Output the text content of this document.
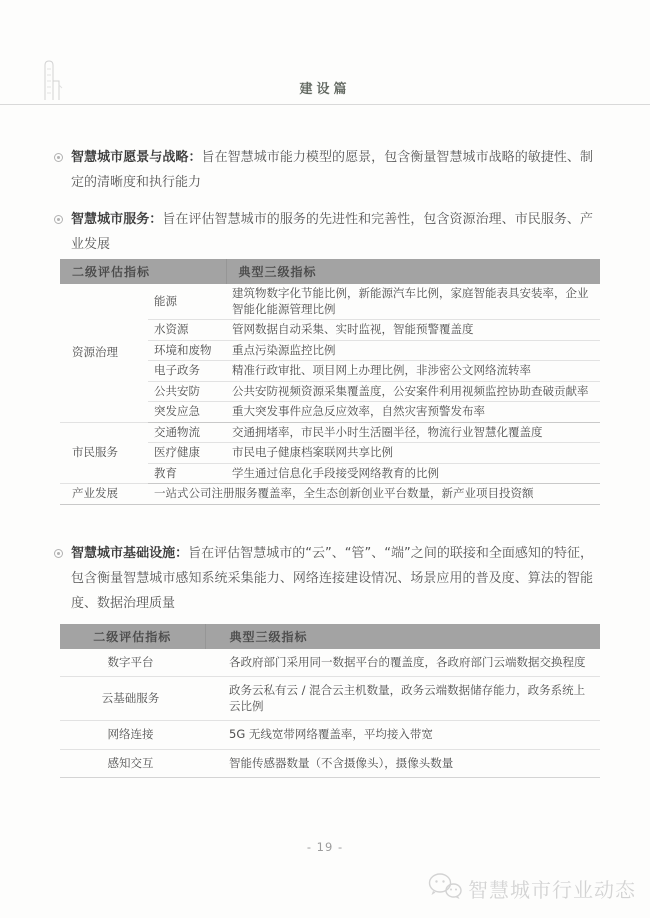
建设篇

智慧城市愿景与战略：旨在智慧城市能力模型的愿景，包含衡量智慧城市战略的敏捷性、制定的清晰度和执行能力

智慧城市服务：旨在评估智慧城市的服务的先进性和完善性，包含资源治理、市民服务、产业发展

二级评估指标		典型三级指标
资源治理	能源	建筑物数字化节能比例，新能源汽车比例，家庭智能表具安装率，企业智能化能源管理比例
	水资源	管网数据自动采集、实时监视，智能预警覆盖度
	环境和废物	重点污染源监控比例
	电子政务	精准行政审批、项目网上办理比例，非涉密公文网络流转率
	公共安防	公共安防视频资源采集覆盖度，公安案件利用视频监控协助查破贡献率
	突发应急	重大突发事件应急反应效率，自然灾害预警发布率
市民服务	交通物流	交通拥堵率，市民半小时生活圈半径，物流行业智慧化覆盖度
	医疗健康	市民电子健康档案联网共享比例
	教育	学生通过信息化手段接受网络教育的比例
产业发展	一站式公司注册服务覆盖率，全生态创新创业平台数量，新产业项目投资额	

智慧城市基础设施：旨在评估智慧城市的“云”、“管”、“端”之间的联接和全面感知的特征，包含衡量智慧城市感知系统采集能力、网络连接建设情况、场景应用的普及度、算法的智能度、数据治理质量

二级评估指标	典型三级指标
数字平台	各政府部门采用同一数据平台的覆盖度，各政府部门云端数据交换程度
云基础服务	政务云私有云 / 混合云主机数量，政务云端数据储存能力，政务系统上云比例
网络连接	5G 无线宽带网络覆盖率，平均接入带宽
感知交互	智能传感器数量（不含摄像头），摄像头数量
- 19 -
智慧城市行业动态
